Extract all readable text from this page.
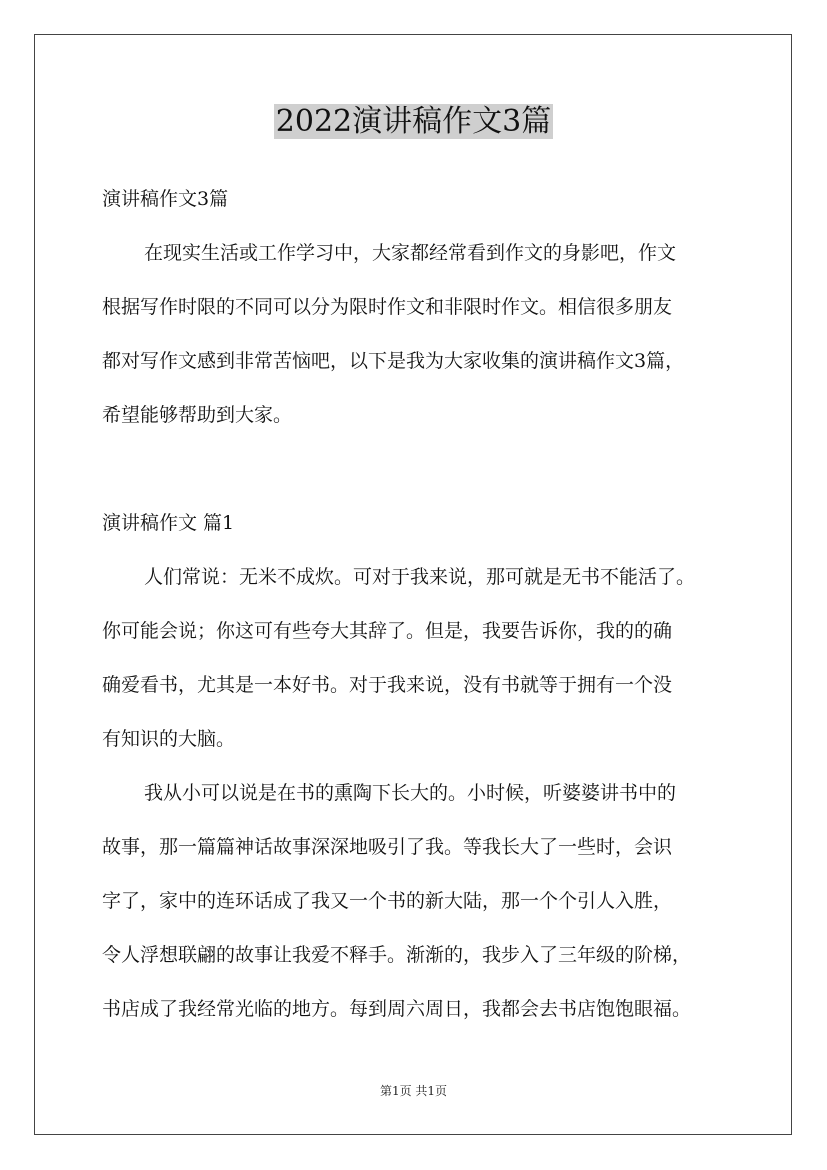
2022演讲稿作文3篇
演讲稿作文3篇
在现实生活或工作学习中，大家都经常看到作文的身影吧，作文
根据写作时限的不同可以分为限时作文和非限时作文。相信很多朋友
都对写作文感到非常苦恼吧，以下是我为大家收集的演讲稿作文3篇，
希望能够帮助到大家。
演讲稿作文 篇1
人们常说：无米不成炊。可对于我来说，那可就是无书不能活了。
你可能会说；你这可有些夸大其辞了。但是，我要告诉你，我的的确
确爱看书，尤其是一本好书。对于我来说，没有书就等于拥有一个没
有知识的大脑。
我从小可以说是在书的熏陶下长大的。小时候，听婆婆讲书中的
故事，那一篇篇神话故事深深地吸引了我。等我长大了一些时，会识
字了，家中的连环话成了我又一个书的新大陆，那一个个引人入胜，
令人浮想联翩的故事让我爱不释手。渐渐的，我步入了三年级的阶梯，
书店成了我经常光临的地方。每到周六周日，我都会去书店饱饱眼福。
第1页 共1页
